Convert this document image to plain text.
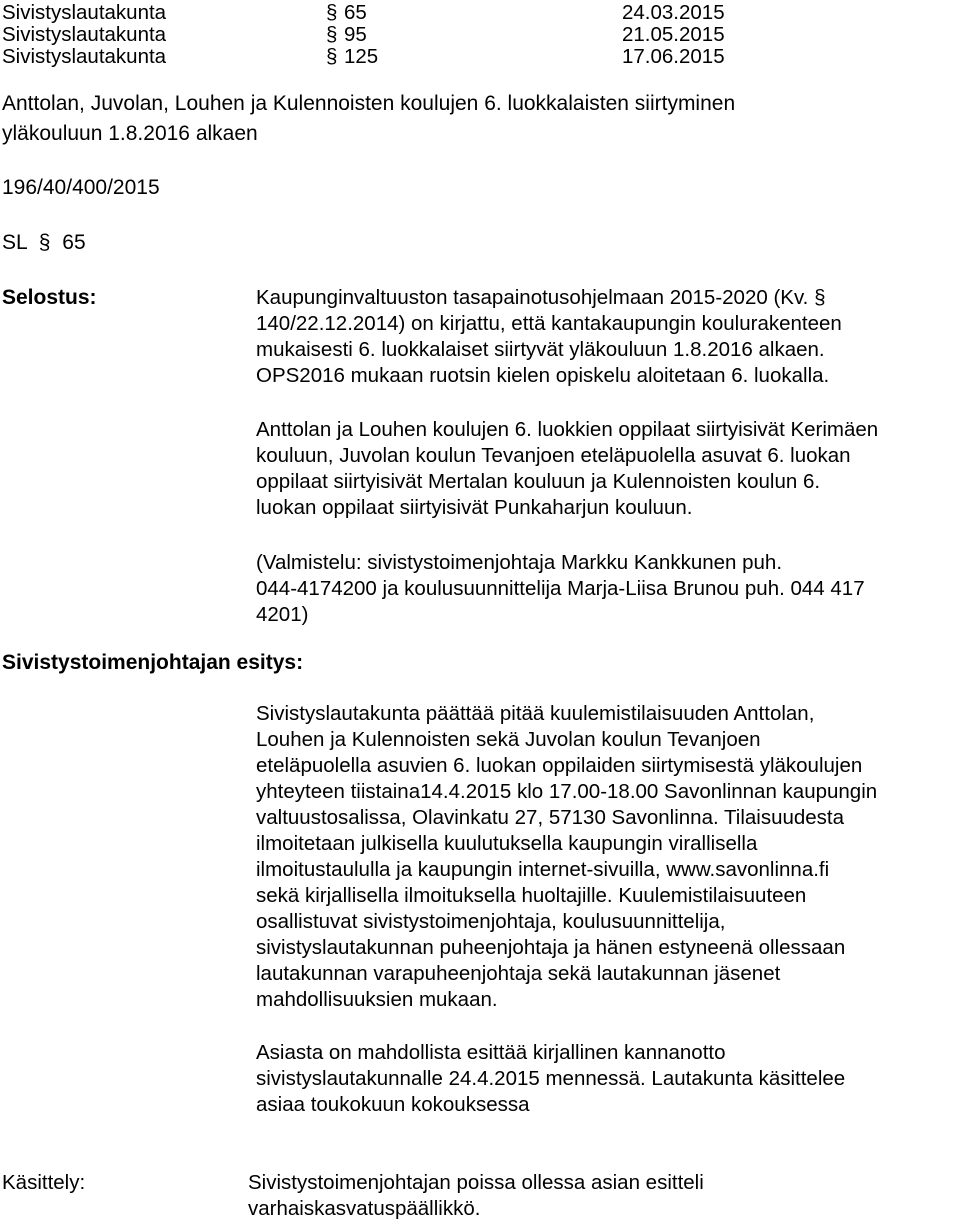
Sivistyslautakunta	§ 65	24.03.2015
Sivistyslautakunta	§ 95	21.05.2015
Sivistyslautakunta	§ 125	17.06.2015
Anttolan, Juvolan, Louhen ja Kulennoisten koulujen 6. luokkalaisten siirtyminen
yläkouluun 1.8.2016 alkaen
196/40/400/2015
SL § 65
Selostus:	Kaupunginvaltuuston tasapainotusohjelmaan 2015-2020 (Kv. §
140/22.12.2014) on kirjattu, että kantakaupungin koulurakenteen
mukaisesti 6. luokkalaiset siirtyvät yläkouluun 1.8.2016 alkaen.
OPS2016 mukaan ruotsin kielen opiskelu aloitetaan 6. luokalla.
Anttolan ja Louhen koulujen 6. luokkien oppilaat siirtyisivät Kerimäen
kouluun, Juvolan koulun Tevanjoen eteläpuolella asuvat 6. luokan
oppilaat siirtyisivät Mertalan kouluun ja Kulennoisten koulun 6.
luokan oppilaat siirtyisivät Punkaharjun kouluun.
(Valmistelu: sivistystoimenjohtaja Markku Kankkunen puh.
044-4174200 ja koulusuunnittelija Marja-Liisa Brunou puh. 044 417
4201)
Sivistystoimenjohtajan esitys:
Sivistyslautakunta päättää pitää kuulemistilaisuuden Anttolan,
Louhen ja Kulennoisten sekä Juvolan koulun Tevanjoen
eteläpuolella asuvien 6. luokan oppilaiden siirtymisestä yläkoulujen
yhteyteen tiistaina14.4.2015 klo 17.00-18.00 Savonlinnan kaupungin
valtuustosalissa, Olavinkatu 27, 57130 Savonlinna. Tilaisuudesta
ilmoitetaan julkisella kuulutuksella kaupungin virallisella
ilmoitustaululla ja kaupungin internet-sivuilla, www.savonlinna.fi
sekä kirjallisella ilmoituksella huoltajille. Kuulemistilaisuuteen
osallistuvat sivistystoimenjohtaja, koulusuunnittelija,
sivistyslautakunnan puheenjohtaja ja hänen estyneenä ollessaan
lautakunnan varapuheenjohtaja sekä lautakunnan jäsenet
mahdollisuuksien mukaan.
Asiasta on mahdollista esittää kirjallinen kannanotto
sivistyslautakunnalle 24.4.2015 mennessä. Lautakunta käsittelee
asiaa toukokuun kokouksessa
Käsittely:	Sivistystoimenjohtajan poissa ollessa asian esitteli
varhaiskasvatuspäällikkö.
